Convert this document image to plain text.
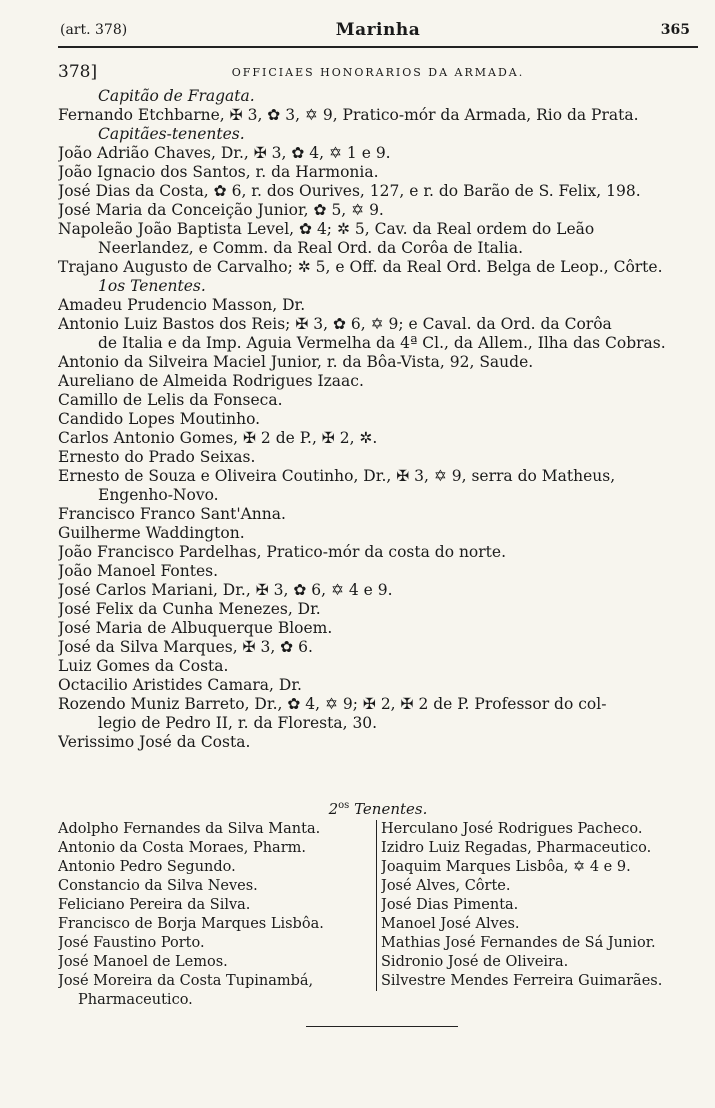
(art. 378)	Marinha	365
378]	OFFICIAES HONORARIOS DA ARMADA.
Capitão de Fragata.
Fernando Etchbarne, ✠ 3, ✿ 3, ✡ 9, Pratico-mór da Armada, Rio da Prata.
Capitães-tenentes.
João Adrião Chaves, Dr., ✠ 3, ✿ 4, ✡ 1 e 9.
João Ignacio dos Santos, r. da Harmonia.
José Dias da Costa, ✿ 6, r. dos Ourives, 127, e r. do Barão de S. Felix, 198.
José Maria da Conceição Junior, ✿ 5, ✡ 9.
Napoleão João Baptista Level, ✿ 4; ✲ 5, Cav. da Real ordem do Leão
Neerlandez, e Comm. da Real Ord. da Corôa de Italia.
Trajano Augusto de Carvalho; ✲ 5, e Off. da Real Ord. Belga de Leop., Côrte.
1os Tenentes.
Amadeu Prudencio Masson, Dr.
Antonio Luiz Bastos dos Reis; ✠ 3, ✿ 6, ✡ 9; e Caval. da Ord. da Corôa
de Italia e da Imp. Aguia Vermelha da 4ª Cl., da Allem., Ilha das Cobras.
Antonio da Silveira Maciel Junior, r. da Bôa-Vista, 92, Saude.
Aureliano de Almeida Rodrigues Izaac.
Camillo de Lelis da Fonseca.
Candido Lopes Moutinho.
Carlos Antonio Gomes, ✠ 2 de P., ✠ 2, ✲.
Ernesto do Prado Seixas.
Ernesto de Souza e Oliveira Coutinho, Dr., ✠ 3, ✡ 9, serra do Matheus,
Engenho-Novo.
Francisco Franco Sant'Anna.
Guilherme Waddington.
João Francisco Pardelhas, Pratico-mór da costa do norte.
João Manoel Fontes.
José Carlos Mariani, Dr., ✠ 3, ✿ 6, ✡ 4 e 9.
José Felix da Cunha Menezes, Dr.
José Maria de Albuquerque Bloem.
José da Silva Marques, ✠ 3, ✿ 6.
Luiz Gomes da Costa.
Octacilio Aristides Camara, Dr.
Rozendo Muniz Barreto, Dr., ✿ 4, ✡ 9; ✠ 2, ✠ 2 de P. Professor do col-
legio de Pedro II, r. da Floresta, 30.
Verissimo José da Costa.
$2^{os}$ Tenentes.
Adolpho Fernandes da Silva Manta.
Antonio da Costa Moraes, Pharm.
Antonio Pedro Segundo.
Constancio da Silva Neves.
Feliciano Pereira da Silva.
Francisco de Borja Marques Lisbôa.
José Faustino Porto.
José Manoel de Lemos.
José Moreira da Costa Tupinambá,
Pharmaceutico.
Herculano José Rodrigues Pacheco.
Izidro Luiz Regadas, Pharmaceutico.
Joaquim Marques Lisbôa, ✡ 4 e 9.
José Alves, Côrte.
José Dias Pimenta.
Manoel José Alves.
Mathias José Fernandes de Sá Junior.
Sidronio José de Oliveira.
Silvestre Mendes Ferreira Guimarães.
